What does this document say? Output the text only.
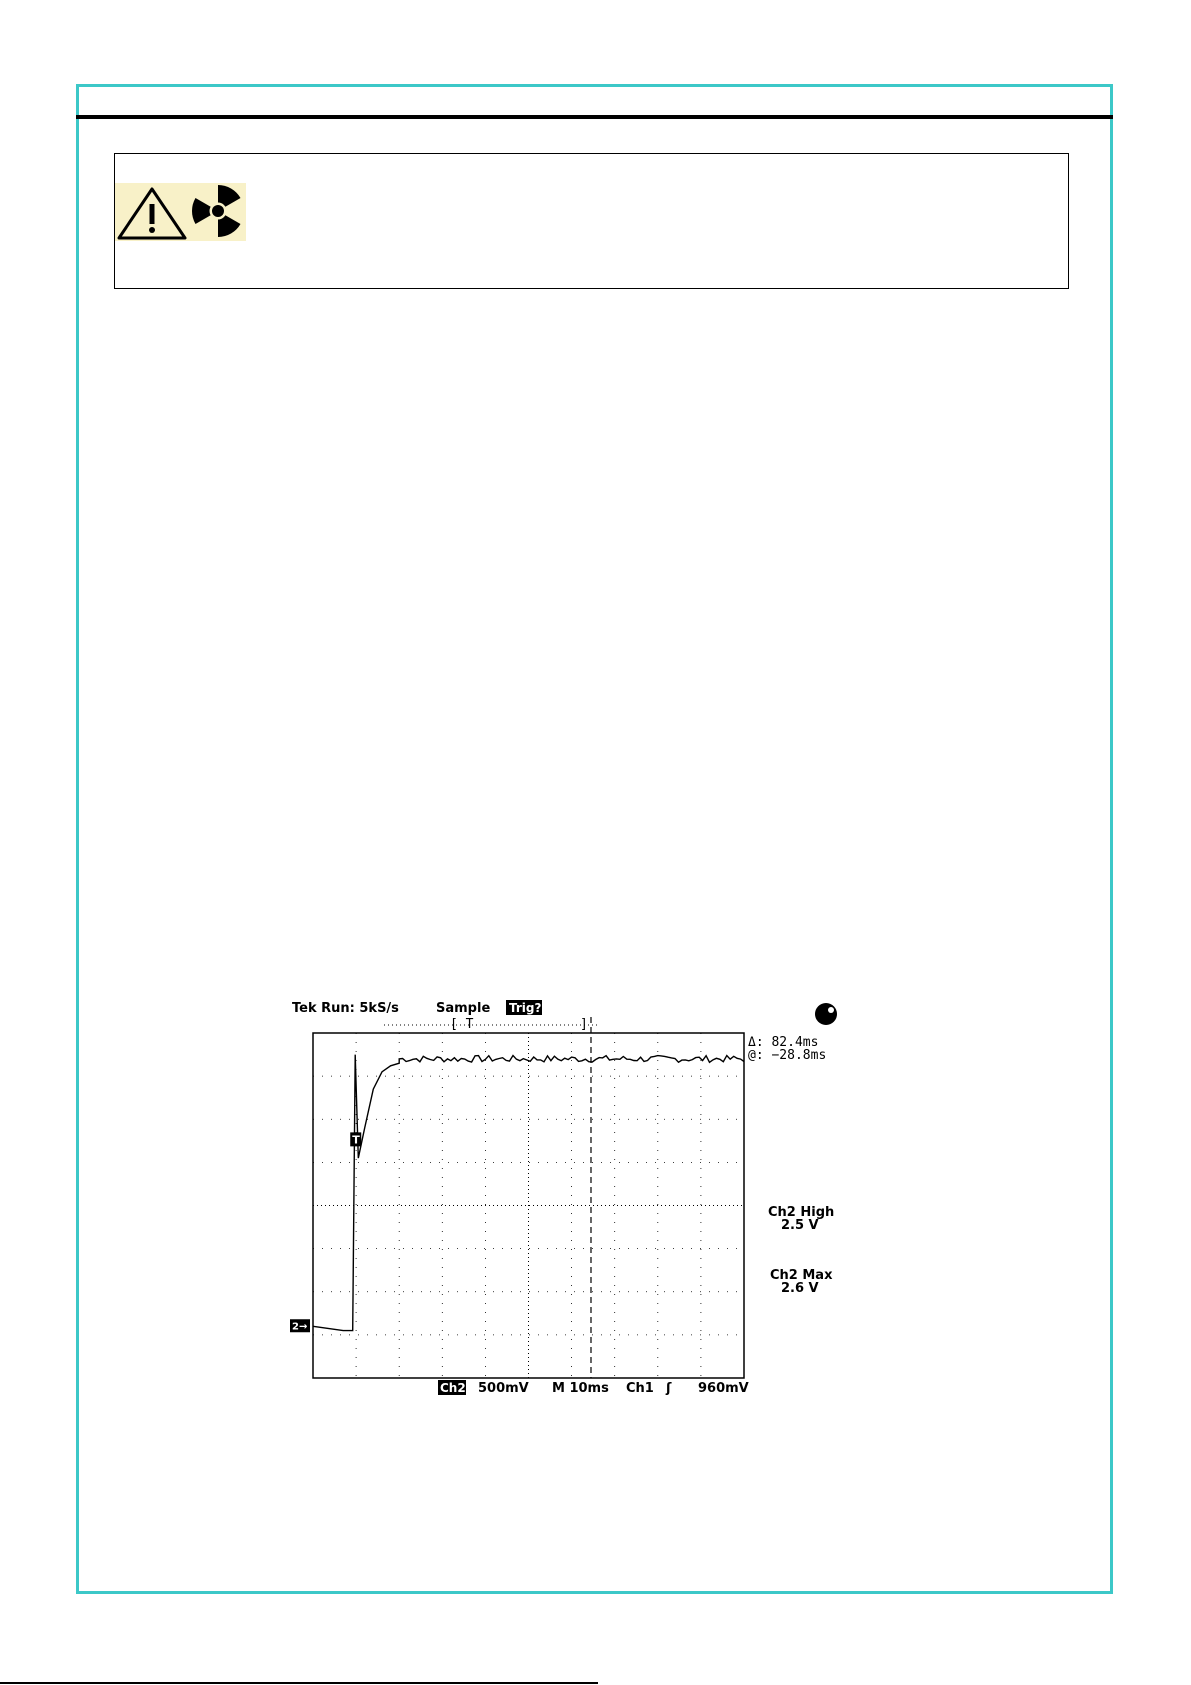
Tek Run: 5kS/s	Sample Trig?
[ T	]
T
2→
Δ: 82.4ms
@: −28.8ms
Ch2 High
2.5 V
Ch2 Max
2.6 V
Ch2 500mV M 10ms Ch1 ʃ 960mV
